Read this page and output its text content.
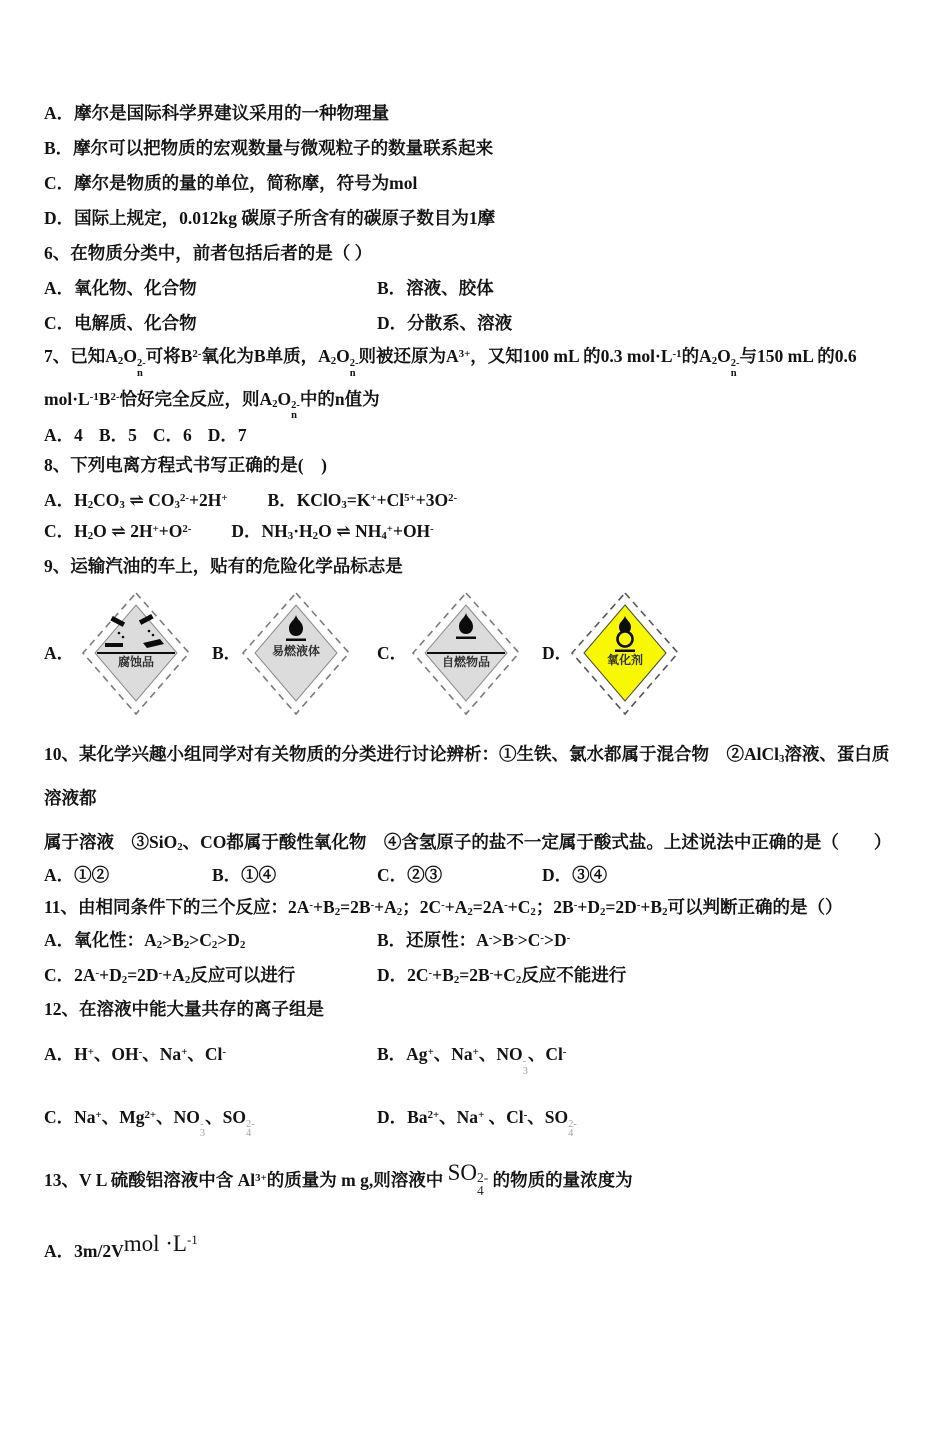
A．摩尔是国际科学界建议采用的一种物理量
B．摩尔可以把物质的宏观数量与微观粒子的数量联系起来
C．摩尔是物质的量的单位，简称摩，符号为mol
D．国际上规定，0.012kg 碳原子所含有的碳原子数目为1摩
6、在物质分类中，前者包括后者的是（ ）
A．氧化物、化合物	B．溶液、胶体
C．电解质、化合物	D．分散系、溶液
7、已知$A_2O$ 2-
n
可将$B^{2-}$氧化为B单质，$A_2O$ 2-
n
则被还原为$A^{3+}$，又知100 mL 的0.3 $mol\cdot L^{-1}$的$A_2O$ 2-
n
与150 mL 的0.6
$mol\cdot L^{-1}B^{2-}$恰好完全反应，则$A_2O$ 2-
n
中的n值为
A．4 B．5 C．6 D．7
8、下列电离方程式书写正确的是(　)
A．$H_2CO_3$ ⇌ $CO_3^{2-}+2H^+$ B．$KClO_3=K^++Cl^{5+}+3O^{2-}$
C．$H_2O$ ⇌ $2H^++O^{2-}$ D．$NH_3\cdot H_2O$ ⇌ $NH_4^++OH^-$
9、运输汽油的车上，贴有的危险化学品标志是
A．	B．	C．	D．
腐蚀品
易燃液体
自燃物品	氧化剂
10、某化学兴趣小组同学对有关物质的分类进行讨论辨析：①生铁、氯水都属于混合物　②AlCl$_3$溶液、蛋白质溶液都
属于溶液　③SiO$_2$、CO都属于酸性氧化物　④含氢原子的盐不一定属于酸式盐。上述说法中正确的是（　　）
A．①②	B．①④	C．②③	D．③④
11、由相同条件下的三个反应：$2A^-+B_2=2B^-+A_2$；$2C^-+A_2=2A^-+C_2$；$2B^-+D_2=2D^-+B_2$可以判断正确的是（）
A．氧化性：$A_2>B_2>C_2>D_2$	B．还原性：A->B->C->D-
C．$2A^-+D_2=2D^-+A_2$反应可以进行	D．$2C^-+B_2=2B^-+C_2$反应不能进行
12、在溶液中能大量共存的离子组是
A．H+、OH-、Na+、Cl-	B．Ag+、Na+、NO -
3
、Cl-
C．Na+、$Mg^{2+}$、NO -
3
、SO 2-
4
D．$Ba^{2+}$、Na+ 、Cl-、SO 2-
4
13、V L 硫酸铝溶液中含 $Al^{3+}$的质量为 m g,则溶液中 SO 2-
4
的物质的量浓度为
A．3m/2Vmol $\cdot L^{-1}$
